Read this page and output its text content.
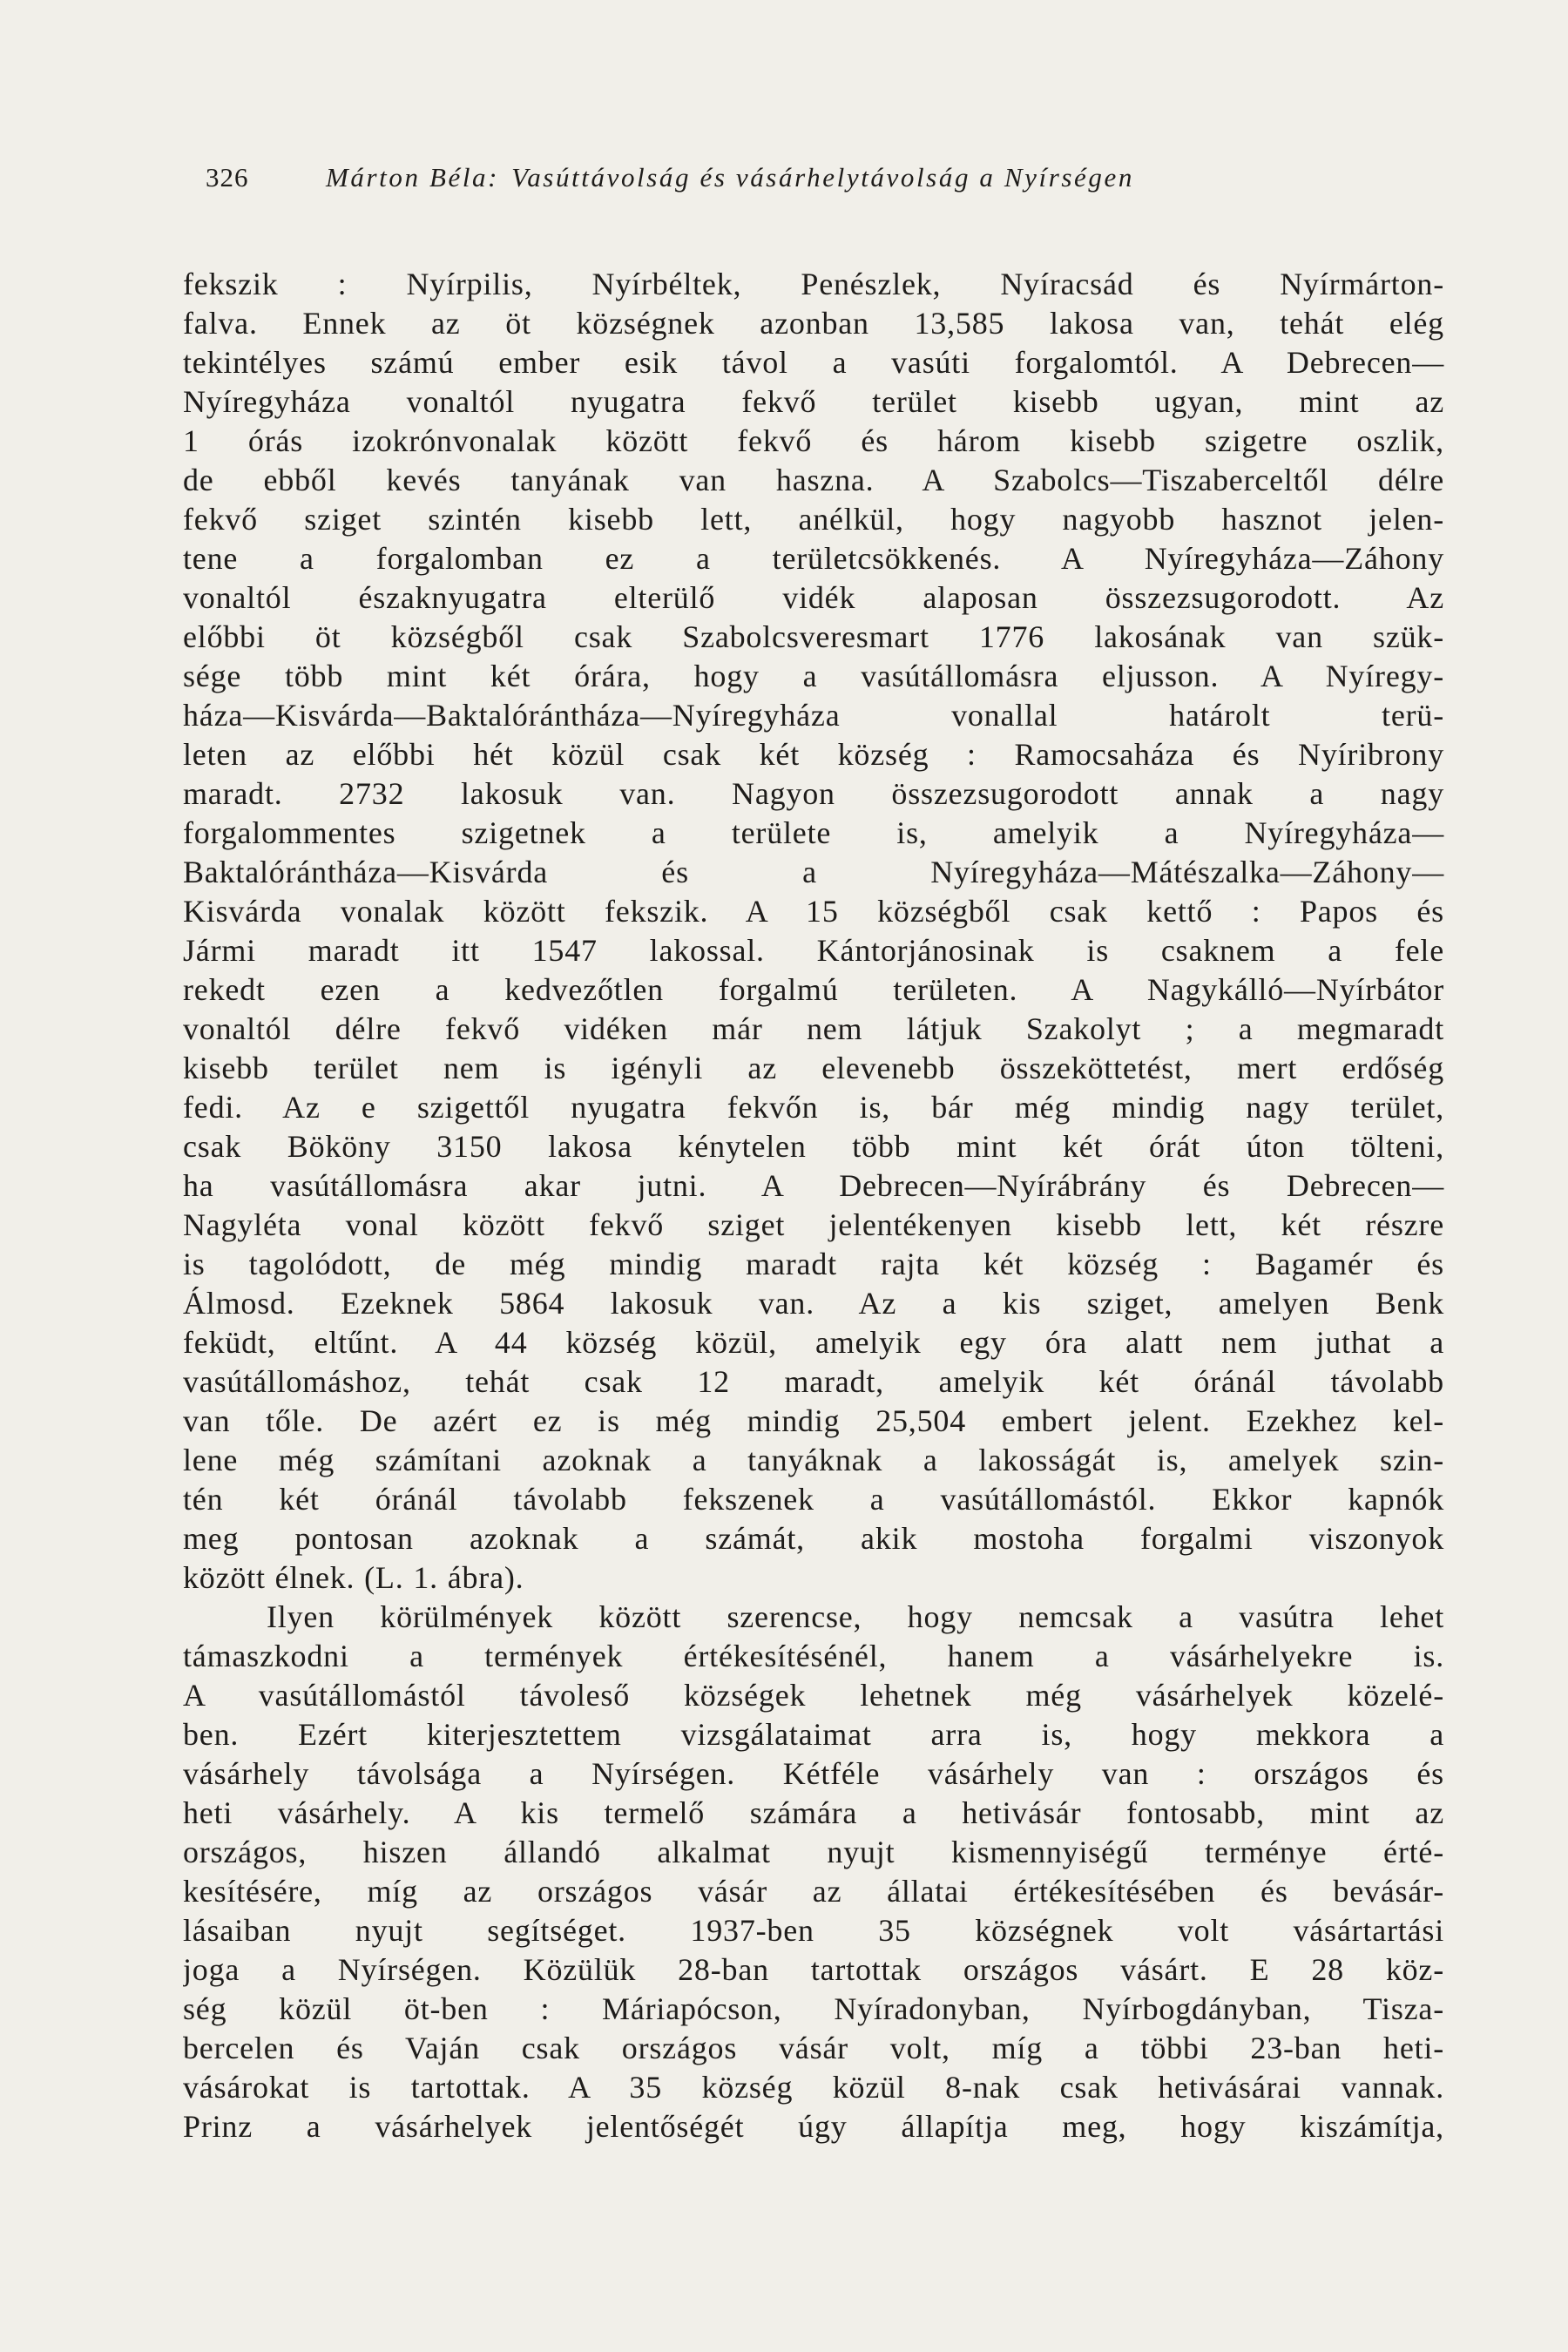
326	Márton Béla: Vasúttávolság és vásárhelytávolság a Nyírségen
fekszik : Nyírpilis, Nyírbéltek, Penészlek, Nyíracsád és Nyírmárton-
falva. Ennek az öt községnek azonban 13,585 lakosa van, tehát elég
tekintélyes számú ember esik távol a vasúti forgalomtól. A Debrecen—
Nyíregyháza vonaltól nyugatra fekvő terület kisebb ugyan, mint az
1 órás izokrónvonalak között fekvő és három kisebb szigetre oszlik,
de ebből kevés tanyának van haszna. A Szabolcs—Tiszaberceltől délre
fekvő sziget szintén kisebb lett, anélkül, hogy nagyobb hasznot jelen-
tene a forgalomban ez a területcsökkenés. A Nyíregyháza—Záhony
vonaltól északnyugatra elterülő vidék alaposan összezsugorodott. Az
előbbi öt községből csak Szabolcsveresmart 1776 lakosának van szük-
sége több mint két órára, hogy a vasútállomásra eljusson. A Nyíregy-
háza—Kisvárda—Baktalórántháza—Nyíregyháza vonallal határolt terü-
leten az előbbi hét közül csak két község : Ramocsaháza és Nyíribrony
maradt. 2732 lakosuk van. Nagyon összezsugorodott annak a nagy
forgalommentes szigetnek a területe is, amelyik a Nyíregyháza—
Baktalórántháza—Kisvárda és a Nyíregyháza—Mátészalka—Záhony—
Kisvárda vonalak között fekszik. A 15 községből csak kettő : Papos és
Jármi maradt itt 1547 lakossal. Kántorjánosinak is csaknem a fele
rekedt ezen a kedvezőtlen forgalmú területen. A Nagykálló—Nyírbátor
vonaltól délre fekvő vidéken már nem látjuk Szakolyt ; a megmaradt
kisebb terület nem is igényli az elevenebb összeköttetést, mert erdőség
fedi. Az e szigettől nyugatra fekvőn is, bár még mindig nagy terület,
csak Bököny 3150 lakosa kénytelen több mint két órát úton tölteni,
ha vasútállomásra akar jutni. A Debrecen—Nyírábrány és Debrecen—
Nagyléta vonal között fekvő sziget jelentékenyen kisebb lett, két részre
is tagolódott, de még mindig maradt rajta két község : Bagamér és
Álmosd. Ezeknek 5864 lakosuk van. Az a kis sziget, amelyen Benk
feküdt, eltűnt. A 44 község közül, amelyik egy óra alatt nem juthat a
vasútállomáshoz, tehát csak 12 maradt, amelyik két óránál távolabb
van tőle. De azért ez is még mindig 25,504 embert jelent. Ezekhez kel-
lene még számítani azoknak a tanyáknak a lakosságát is, amelyek szin-
tén két óránál távolabb fekszenek a vasútállomástól. Ekkor kapnók
meg pontosan azoknak a számát, akik mostoha forgalmi viszonyok
között élnek. (L. 1. ábra).
Ilyen körülmények között szerencse, hogy nemcsak a vasútra lehet
támaszkodni a termények értékesítésénél, hanem a vásárhelyekre is.
A vasútállomástól távoleső községek lehetnek még vásárhelyek közelé-
ben. Ezért kiterjesztettem vizsgálataimat arra is, hogy mekkora a
vásárhely távolsága a Nyírségen. Kétféle vásárhely van : országos és
heti vásárhely. A kis termelő számára a hetivásár fontosabb, mint az
országos, hiszen állandó alkalmat nyujt kismennyiségű terménye érté-
kesítésére, míg az országos vásár az állatai értékesítésében és bevásár-
lásaiban nyujt segítséget. 1937-ben 35 községnek volt vásártartási
joga a Nyírségen. Közülük 28-ban tartottak országos vásárt. E 28 köz-
ség közül öt-ben : Máriapócson, Nyíradonyban, Nyírbogdányban, Tisza-
bercelen és Vaján csak országos vásár volt, míg a többi 23-ban heti-
vásárokat is tartottak. A 35 község közül 8-nak csak hetivásárai vannak.
Prinz a vásárhelyek jelentőségét úgy állapítja meg, hogy kiszámítja,
